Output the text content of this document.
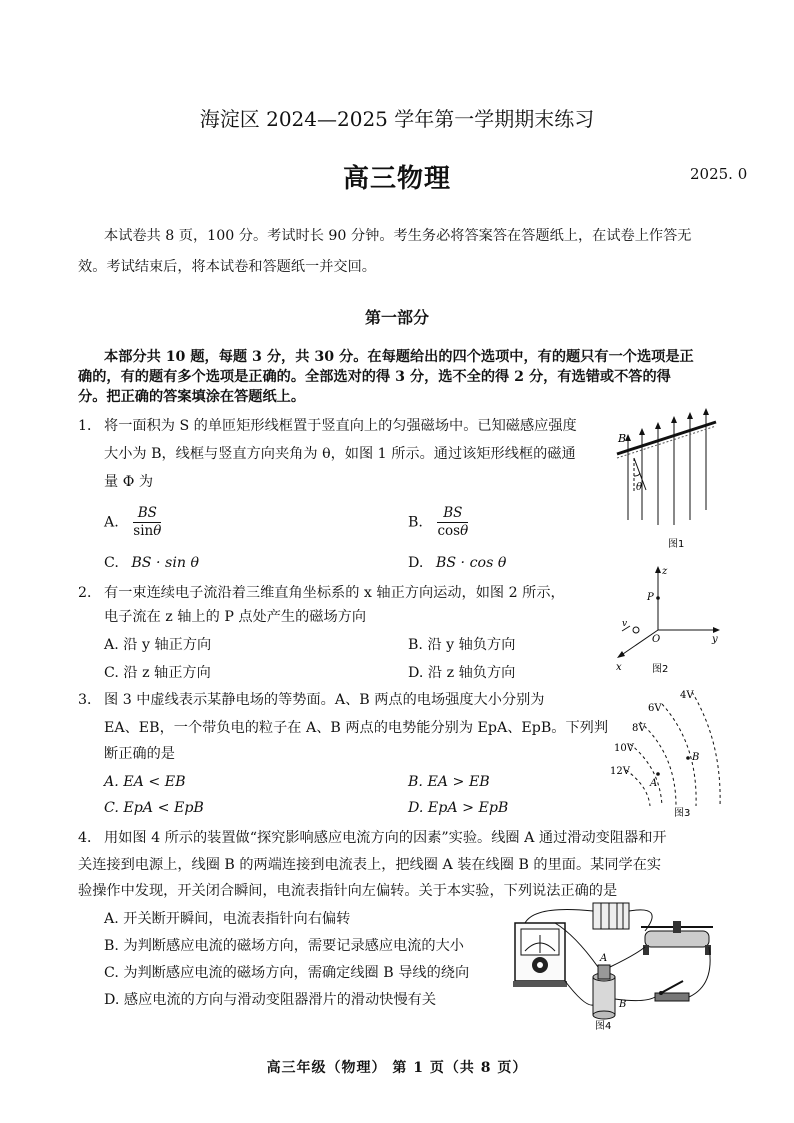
海淀区 2024—2025 学年第一学期期末练习
高三物理	2025. 0
本试卷共 8 页，100 分。考试时长 90 分钟。考生务必将答案答在答题纸上，在试卷上作答无
效。考试结束后，将本试卷和答题纸一并交回。
第一部分
本部分共 10 题，每题 3 分，共 30 分。在每题给出的四个选项中，有的题只有一个选项是正
确的，有的题有多个选项是正确的。全部选对的得 3 分，选不全的得 2 分，有选错或不答的得
分。把正确的答案填涂在答题纸上。
1． 将一面积为 S 的单匝矩形线框置于竖直向上的匀强磁场中。已知磁感应强度
大小为 B，线框与竖直方向夹角为 θ，如图 1 所示。通过该矩形线框的磁通
量 Φ 为
A. $\frac{BS}{\sin\theta}$	B. $\frac{BS}{\cos\theta}$
C. BS · sin θ	D. BS · cos θ
B
θ
图1
2． 有一束连续电子流沿着三维直角坐标系的 x 轴正方向运动，如图 2 所示，
电子流在 z 轴上的 P 点处产生的磁场方向
A. 沿 y 轴正方向	B. 沿 y 轴负方向
C. 沿 z 轴正方向	D. 沿 z 轴负方向
z
P
O	y
x
v
图2
3． 图 3 中虚线表示某静电场的等势面。A、B 两点的电场强度大小分别为
EA、EB，一个带负电的粒子在 A、B 两点的电势能分别为 EpA、EpB。下列判
断正确的是
A. EA < EB	B. EA > EB
C. EpA < EpB	D. EpA > EpB
4V
6V
8V
10V
12V
B
A
图3
4． 用如图 4 所示的装置做“探究影响感应电流方向的因素”实验。线圈 A 通过滑动变阻器和开
关连接到电源上，线圈 B 的两端连接到电流表上，把线圈 A 装在线圈 B 的里面。某同学在实
验操作中发现，开关闭合瞬间，电流表指针向左偏转。关于本实验，下列说法正确的是
A. 开关断开瞬间，电流表指针向右偏转
B. 为判断感应电流的磁场方向，需要记录感应电流的大小
C. 为判断感应电流的磁场方向，需确定线圈 B 导线的绕向
D. 感应电流的方向与滑动变阻器滑片的滑动快慢有关
A
B
图4
高三年级（物理） 第 1 页（共 8 页）
